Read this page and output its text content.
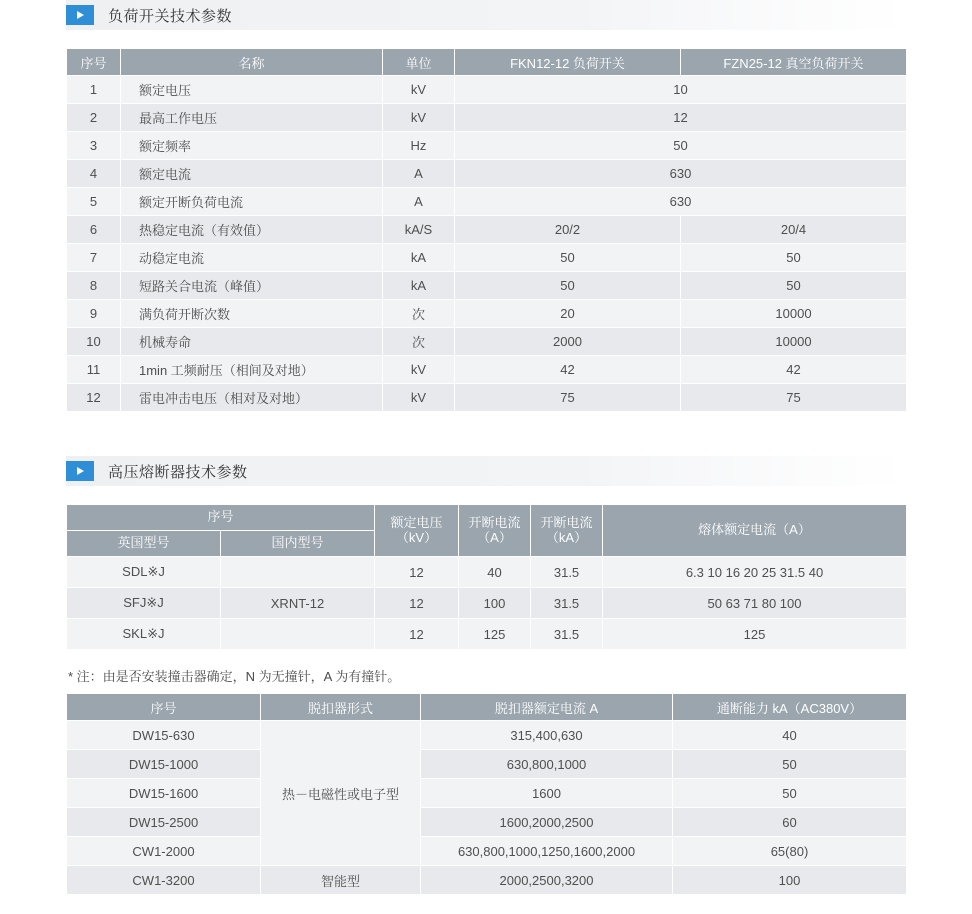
负荷开关技术参数
序号	名称	单位	FKN12-12 负荷开关	FZN25-12 真空负荷开关
1	额定电压	kV	10	
2	最高工作电压	kV	12	
3	额定频率	Hz	50	
4	额定电流	A	630	
5	额定开断负荷电流	A	630	
6	热稳定电流（有效值）	kA/S	20/2	20/4
7	动稳定电流	kA	50	50
8	短路关合电流（峰值）	kA	50	50
9	满负荷开断次数	次	20	10000
10	机械寿命	次	2000	10000
11	1min 工频耐压（相间及对地）	kV	42	42
12	雷电冲击电压（相对及对地）	kV	75	75
高压熔断器技术参数
序号		额定电压（kV）	开断电流（A）	开断电流（kA）	熔体额定电流（A）
英国型号	国内型号				
SDL※J		12	40	31.5	6.3 10 16 20 25 31.5 40
SFJ※J	XRNT-12	12	100	31.5	50 63 71 80 100
SKL※J		12	125	31.5	125
* 注：由是否安装撞击器确定，N 为无撞针，A 为有撞针。
序号	脱扣器形式	脱扣器额定电流 A	通断能力 kA（AC380V）
DW15-630	热－电磁性或电子型	315,400,630	40
DW15-1000		630,800,1000	50
DW15-1600		1600	50
DW15-2500		1600,2000,2500	60
CW1-2000		630,800,1000,1250,1600,2000	65(80)
CW1-3200	智能型	2000,2500,3200	100
